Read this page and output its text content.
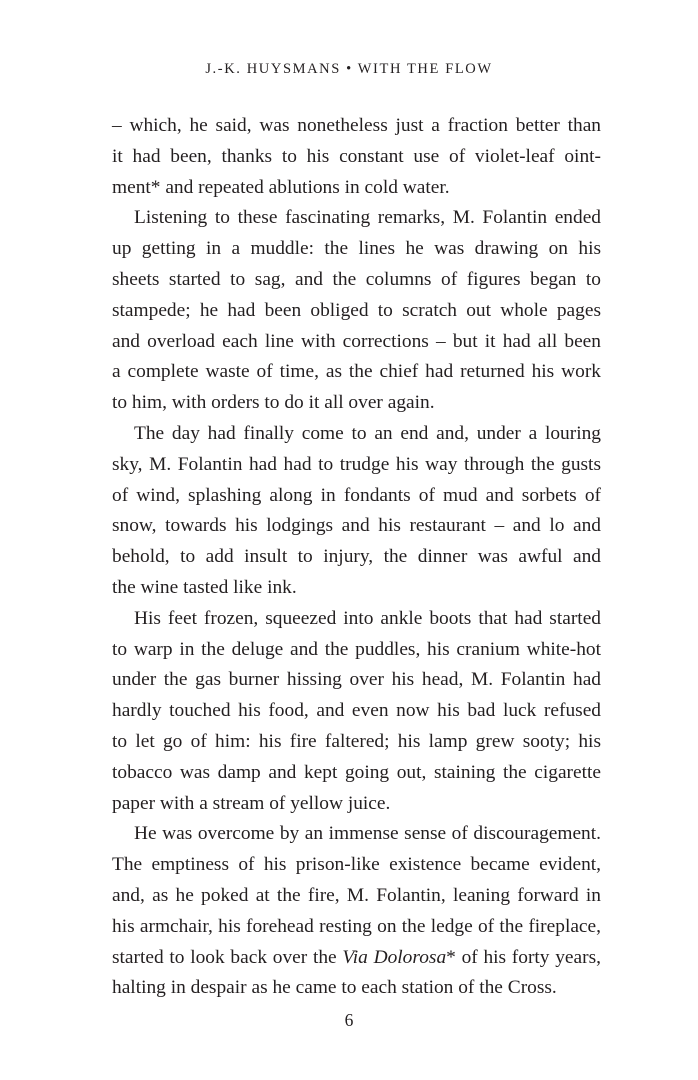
J.-K. HUYSMANS • WITH THE FLOW
– which, he said, was nonetheless just a fraction better than
it had been, thanks to his constant use of violet-leaf oint-
ment* and repeated ablutions in cold water.
Listening to these fascinating remarks, M. Folantin ended
up getting in a muddle: the lines he was drawing on his
sheets started to sag, and the columns of figures began to
stampede; he had been obliged to scratch out whole pages
and overload each line with corrections – but it had all been
a complete waste of time, as the chief had returned his work
to him, with orders to do it all over again.
The day had finally come to an end and, under a louring
sky, M. Folantin had had to trudge his way through the gusts
of wind, splashing along in fondants of mud and sorbets of
snow, towards his lodgings and his restaurant – and lo and
behold, to add insult to injury, the dinner was awful and
the wine tasted like ink.
His feet frozen, squeezed into ankle boots that had started
to warp in the deluge and the puddles, his cranium white-hot
under the gas burner hissing over his head, M. Folantin had
hardly touched his food, and even now his bad luck refused
to let go of him: his fire faltered; his lamp grew sooty; his
tobacco was damp and kept going out, staining the cigarette
paper with a stream of yellow juice.
He was overcome by an immense sense of discouragement.
The emptiness of his prison-like existence became evident,
and, as he poked at the fire, M. Folantin, leaning forward in
his armchair, his forehead resting on the ledge of the fireplace,
started to look back over the Via Dolorosa* of his forty years,
halting in despair as he came to each station of the Cross.
6
